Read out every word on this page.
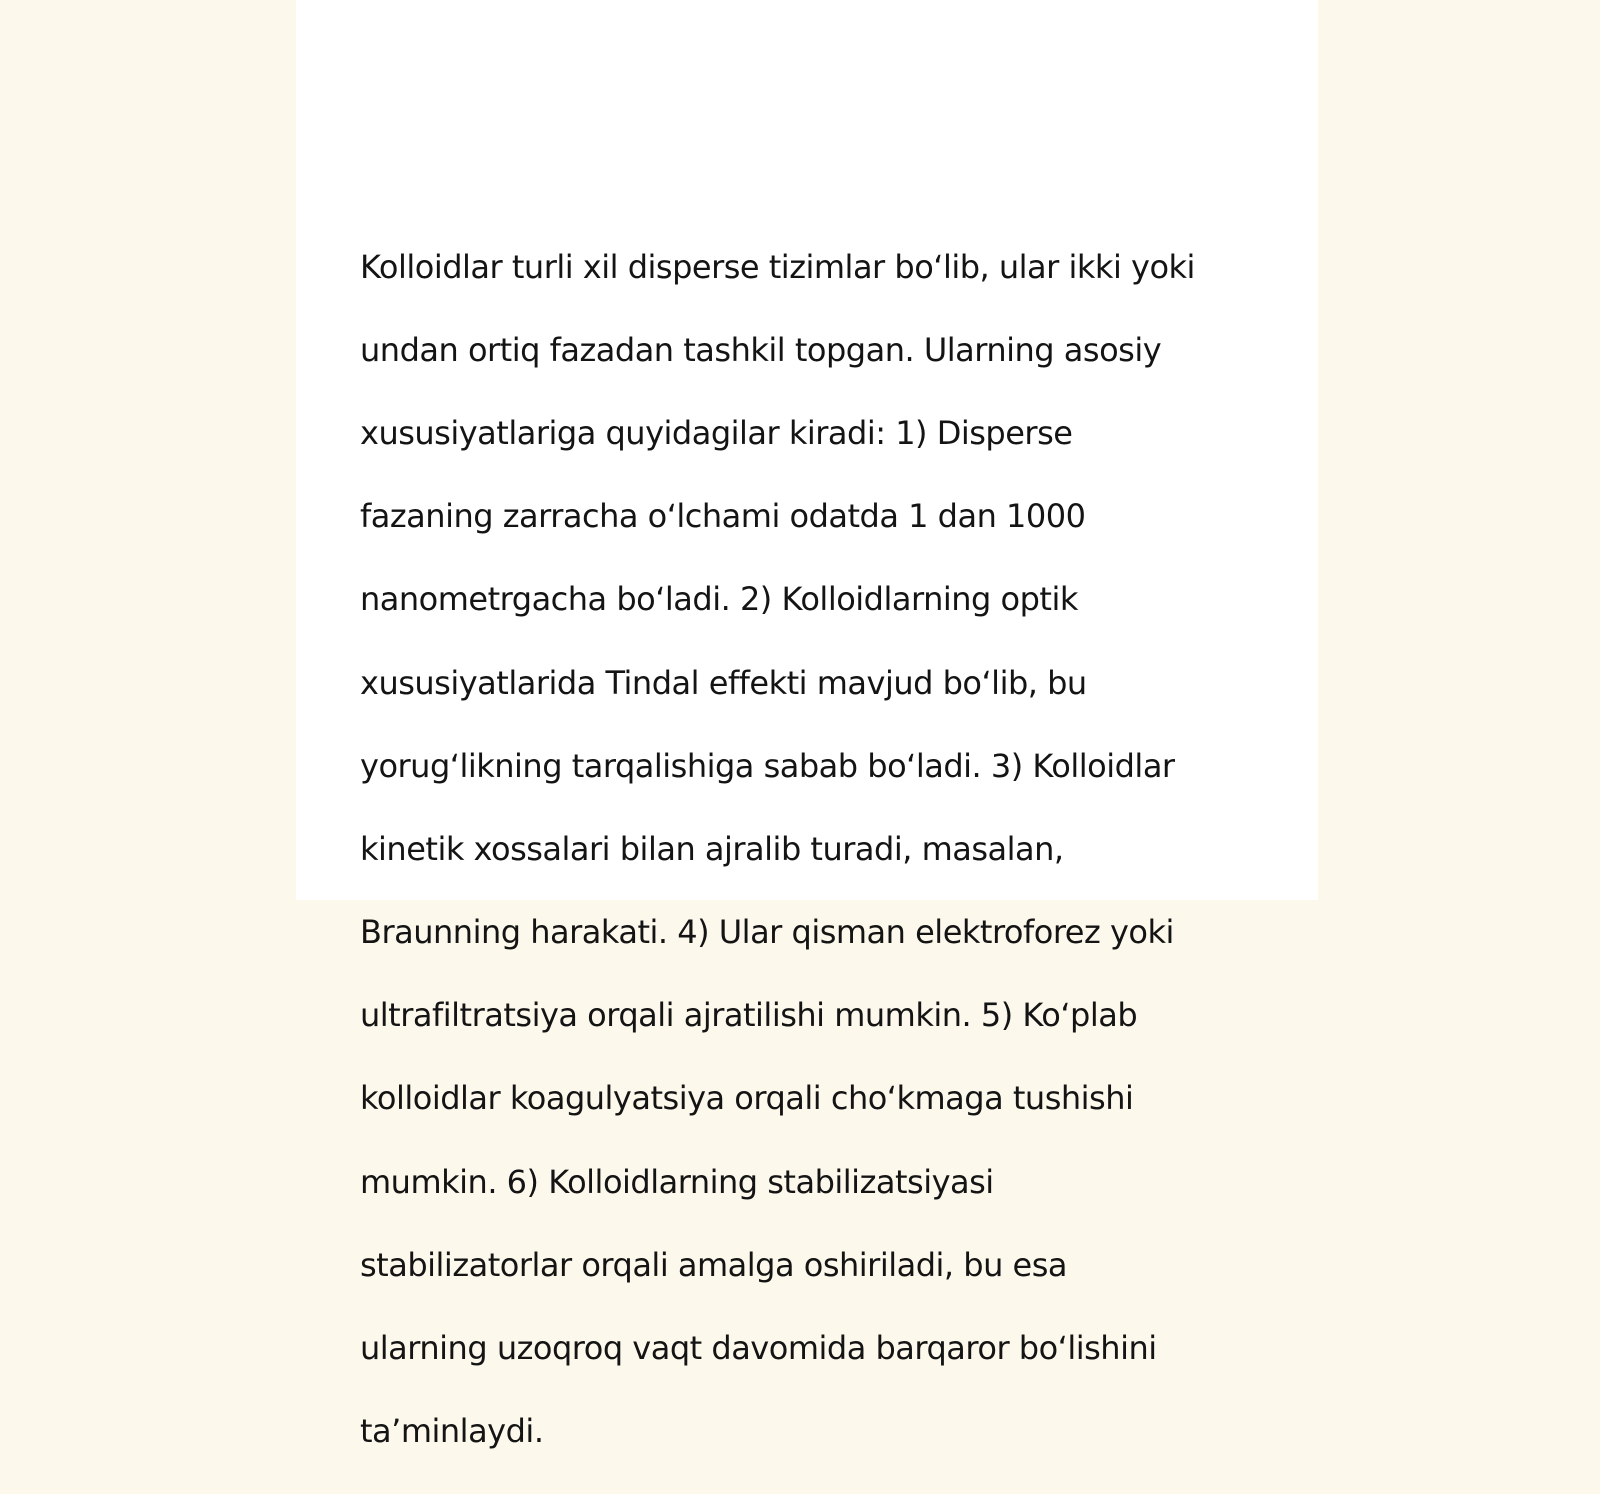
Kolloidlar turli xil disperse tizimlar bo‘lib, ular ikki yoki

undan ortiq fazadan tashkil topgan. Ularning asosiy

xususiyatlariga quyidagilar kiradi: 1) Disperse

fazaning zarracha o‘lchami odatda 1 dan 1000

nanometrgacha bo‘ladi. 2) Kolloidlarning optik

xususiyatlarida Tindal effekti mavjud bo‘lib, bu

yorug‘likning tarqalishiga sabab bo‘ladi. 3) Kolloidlar

kinetik xossalari bilan ajralib turadi, masalan,

Braunning harakati. 4) Ular qisman elektroforez yoki

ultrafiltratsiya orqali ajratilishi mumkin. 5) Ko‘plab

kolloidlar koagulyatsiya orqali cho‘kmaga tushishi

mumkin. 6) Kolloidlarning stabilizatsiyasi

stabilizatorlar orqali amalga oshiriladi, bu esa

ularning uzoqroq vaqt davomida barqaror bo‘lishini

ta’minlaydi.
